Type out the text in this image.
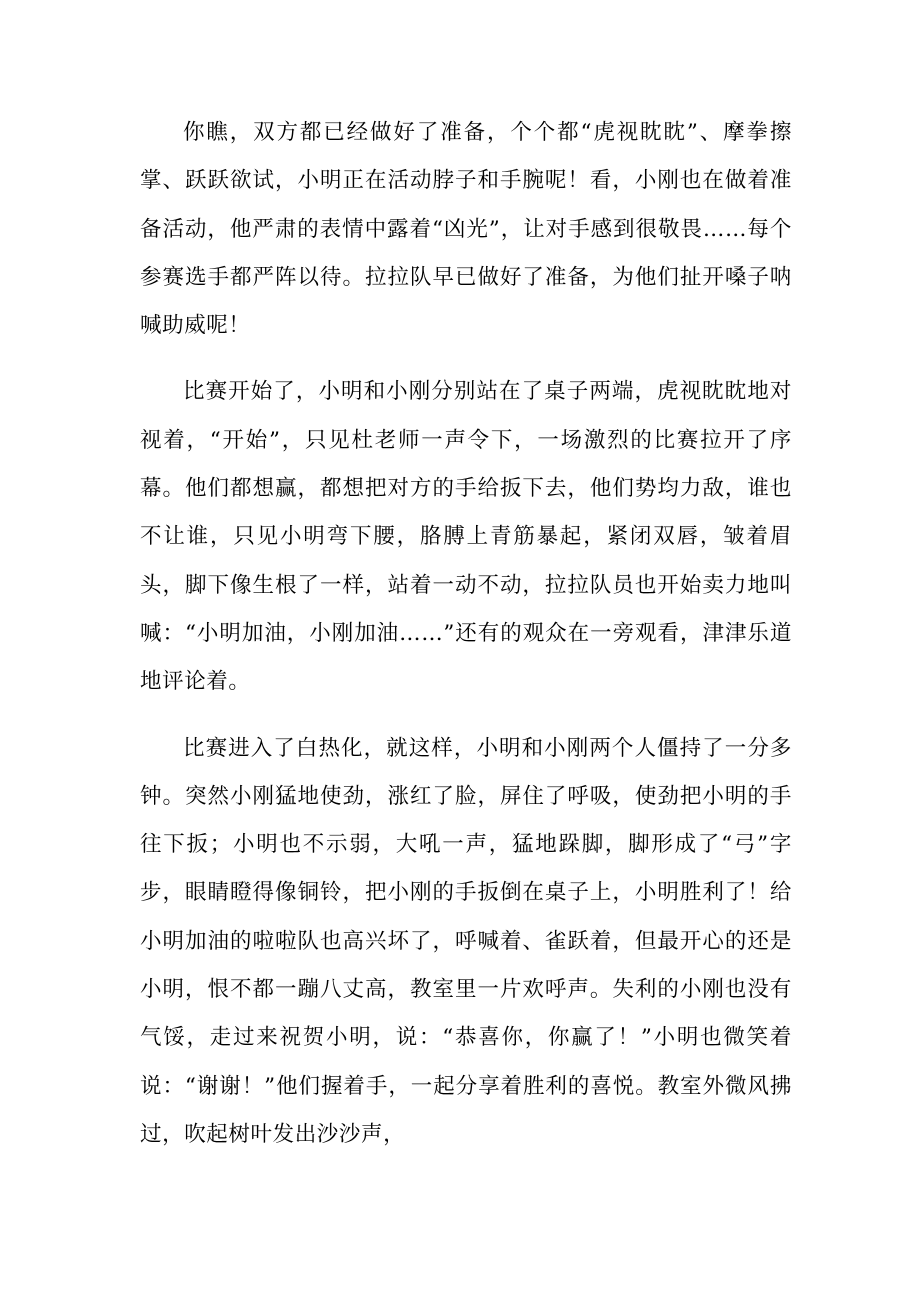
你瞧，双方都已经做好了准备，个个都“虎视眈眈”、摩拳擦掌、跃跃欲试，小明正在活动脖子和手腕呢！看，小刚也在做着准备活动，他严肃的表情中露着“凶光”，让对手感到很敬畏……每个参赛选手都严阵以待。拉拉队早已做好了准备，为他们扯开嗓子呐喊助威呢！

比赛开始了，小明和小刚分别站在了桌子两端，虎视眈眈地对视着，“开始”，只见杜老师一声令下，一场激烈的比赛拉开了序幕。他们都想赢，都想把对方的手给扳下去，他们势均力敌，谁也不让谁，只见小明弯下腰，胳膊上青筋暴起，紧闭双唇，皱着眉头，脚下像生根了一样，站着一动不动，拉拉队员也开始卖力地叫喊：“小明加油，小刚加油……”还有的观众在一旁观看，津津乐道地评论着。

比赛进入了白热化，就这样，小明和小刚两个人僵持了一分多钟。突然小刚猛地使劲，涨红了脸，屏住了呼吸，使劲把小明的手往下扳；小明也不示弱，大吼一声，猛地跺脚，脚形成了“弓”字步，眼睛瞪得像铜铃，把小刚的手扳倒在桌子上，小明胜利了！给小明加油的啦啦队也高兴坏了，呼喊着、雀跃着，但最开心的还是小明，恨不都一蹦八丈高，教室里一片欢呼声。失利的小刚也没有气馁，走过来祝贺小明，说：“恭喜你，你赢了！”小明也微笑着说：“谢谢！”他们握着手，一起分享着胜利的喜悦。教室外微风拂过，吹起树叶发出沙沙声，
